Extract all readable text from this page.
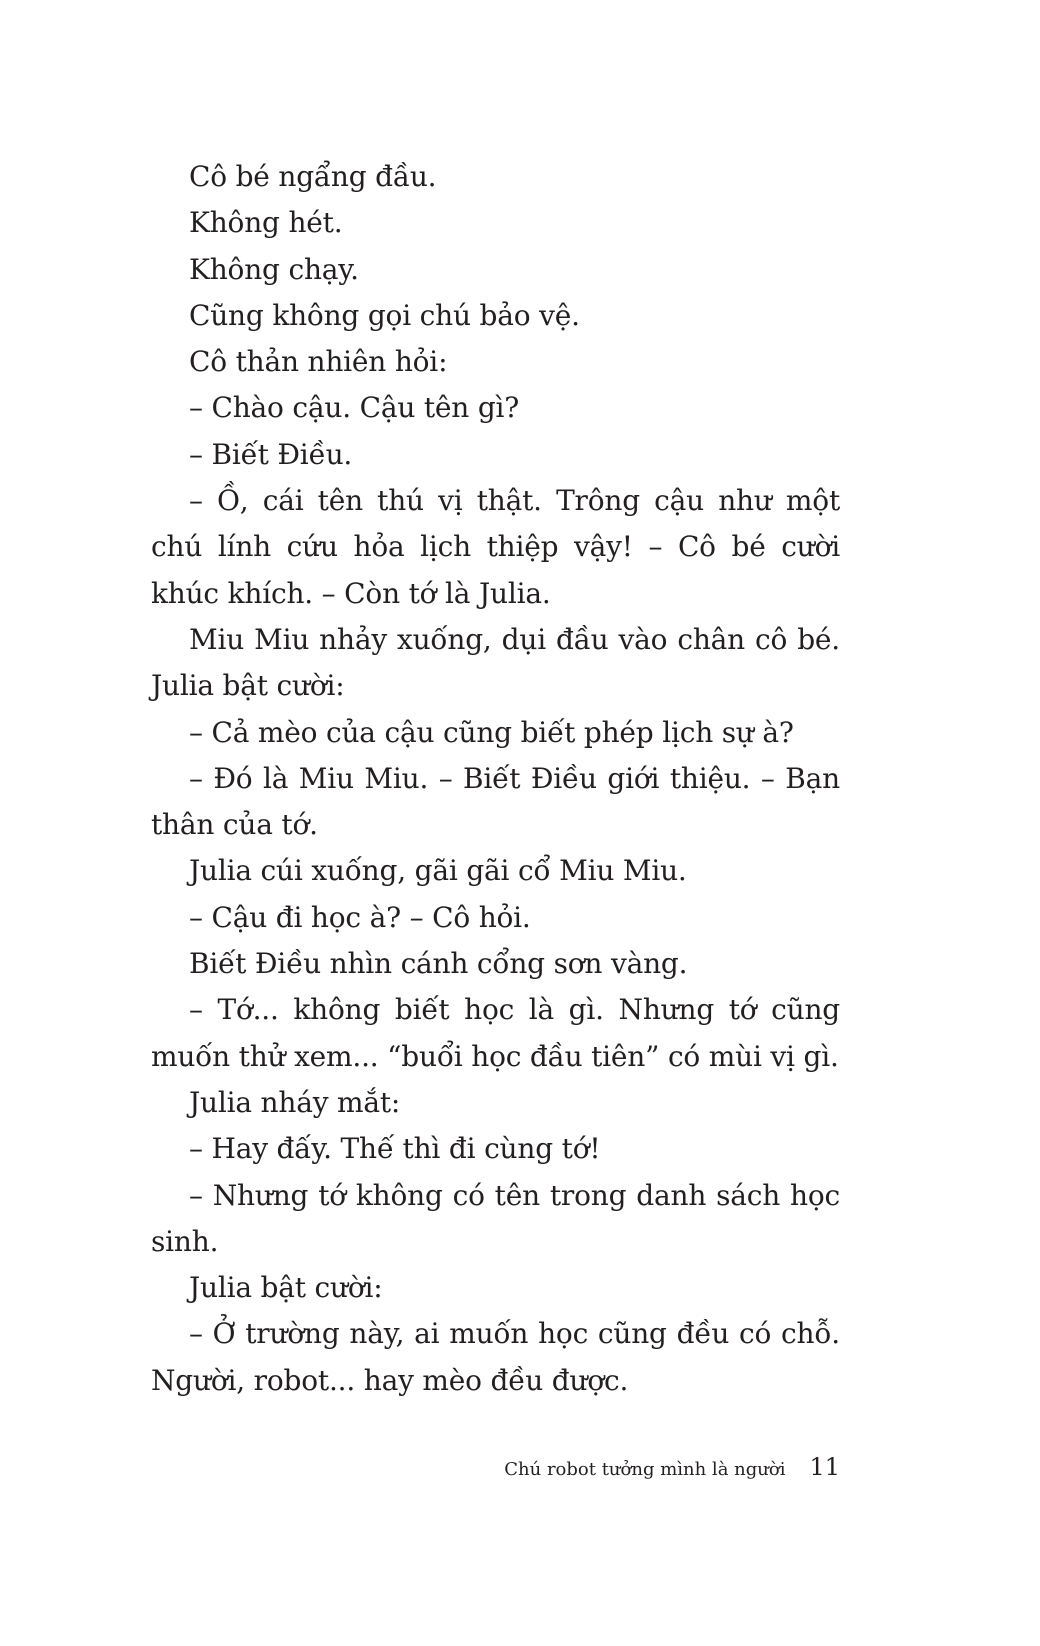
Cô bé ngẩng đầu.

Không hét.

Không chạy.

Cũng không gọi chú bảo vệ.

Cô thản nhiên hỏi:

– Chào cậu. Cậu tên gì?

– Biết Điều.

– Ồ, cái tên thú vị thật. Trông cậu như một chú lính cứu hỏa lịch thiệp vậy! – Cô bé cười khúc khích. – Còn tớ là Julia.

Miu Miu nhảy xuống, dụi đầu vào chân cô bé. Julia bật cười:

– Cả mèo của cậu cũng biết phép lịch sự à?

– Đó là Miu Miu. – Biết Điều giới thiệu. – Bạn thân của tớ.

Julia cúi xuống, gãi gãi cổ Miu Miu.

– Cậu đi học à? – Cô hỏi.

Biết Điều nhìn cánh cổng sơn vàng.

– Tớ... không biết học là gì. Nhưng tớ cũng muốn thử xem... “buổi học đầu tiên” có mùi vị gì.

Julia nháy mắt:

– Hay đấy. Thế thì đi cùng tớ!

– Nhưng tớ không có tên trong danh sách học sinh.

Julia bật cười:

– Ở trường này, ai muốn học cũng đều có chỗ. Người, robot... hay mèo đều được.

Chú robot tưởng mình là người 11
